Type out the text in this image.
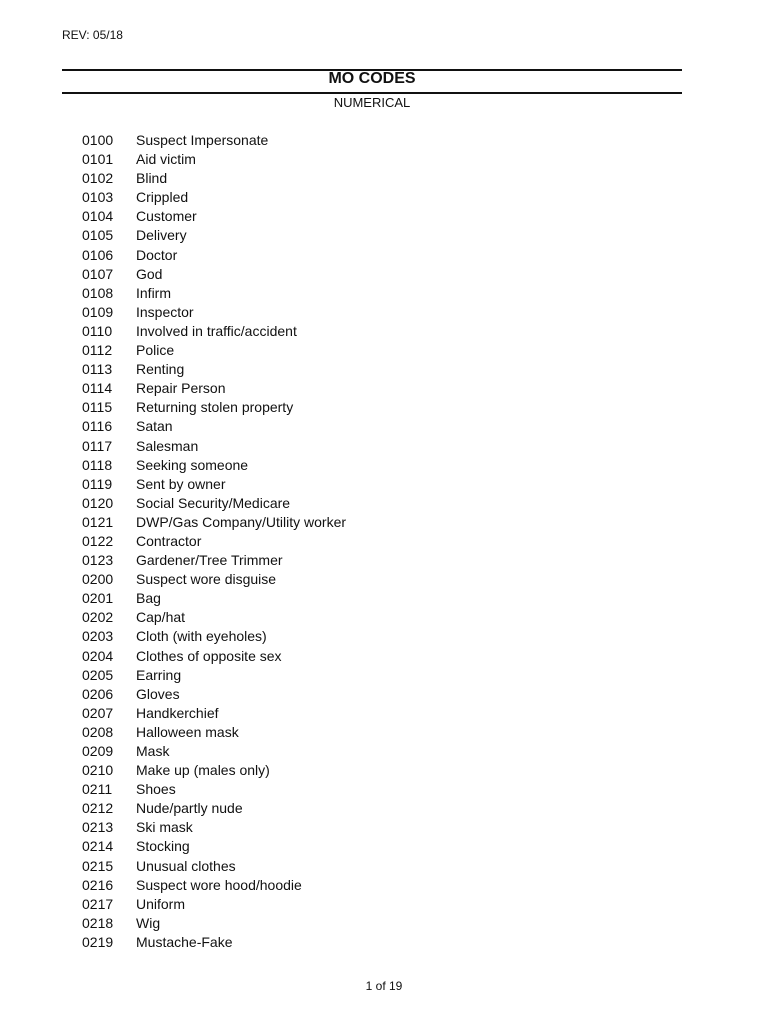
REV: 05/18
MO CODES
NUMERICAL
0100 Suspect Impersonate
0101 Aid victim
0102 Blind
0103 Crippled
0104 Customer
0105 Delivery
0106 Doctor
0107 God
0108 Infirm
0109 Inspector
0110 Involved in traffic/accident
0112 Police
0113 Renting
0114 Repair Person
0115 Returning stolen property
0116 Satan
0117 Salesman
0118 Seeking someone
0119 Sent by owner
0120 Social Security/Medicare
0121 DWP/Gas Company/Utility worker
0122 Contractor
0123 Gardener/Tree Trimmer
0200 Suspect wore disguise
0201 Bag
0202 Cap/hat
0203 Cloth (with eyeholes)
0204 Clothes of opposite sex
0205 Earring
0206 Gloves
0207 Handkerchief
0208 Halloween mask
0209 Mask
0210 Make up (males only)
0211 Shoes
0212 Nude/partly nude
0213 Ski mask
0214 Stocking
0215 Unusual clothes
0216 Suspect wore hood/hoodie
0217 Uniform
0218 Wig
0219 Mustache-Fake
1 of 19
